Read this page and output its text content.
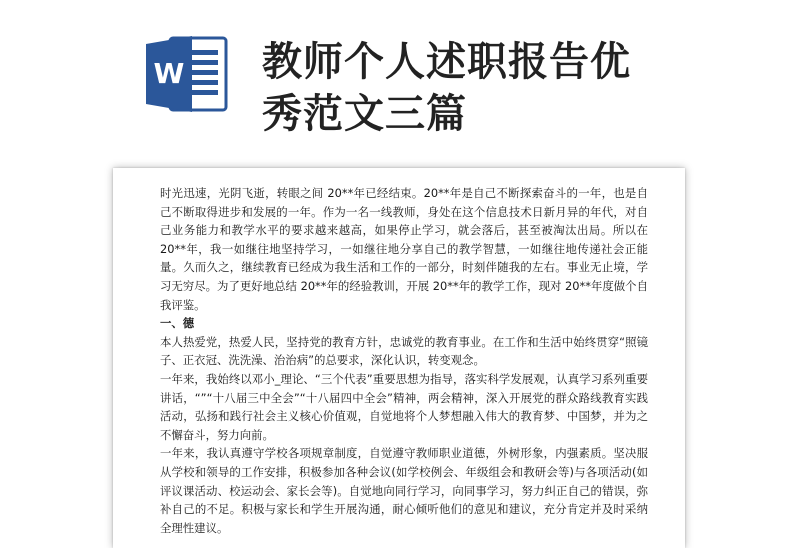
W 教师个人述职报告优
秀范文三篇

时光迅速，光阴飞逝，转眼之间 20**年已经结束。20**年是自己不断探索奋斗的一年，也是自己不断取得进步和发展的一年。作为一名一线教师，身处在这个信息技术日新月异的年代，对自己业务能力和教学水平的要求越来越高，如果停止学习，就会落后，甚至被淘汰出局。所以在 20**年，我一如继往地坚持学习，一如继往地分享自己的教学智慧，一如继往地传递社会正能量。久而久之，继续教育已经成为我生活和工作的一部分，时刻伴随我的左右。事业无止境，学习无穷尽。为了更好地总结 20**年的经验教训，开展 20**年的教学工作，现对 20**年度做个自我评鉴。

一、德

本人热爱党，热爱人民，坚持党的教育方针，忠诚党的教育事业。在工作和生活中始终贯穿“照镜子、正衣冠、洗洗澡、治治病”的总要求，深化认识，转变观念。

一年来，我始终以邓小_理论、“三个代表”重要思想为指导，落实科学发展观，认真学习系列重要讲话，“”“十八届三中全会”“十八届四中全会”精神，两会精神，深入开展党的群众路线教育实践活动，弘扬和践行社会主义核心价值观，自觉地将个人梦想融入伟大的教育梦、中国梦，并为之不懈奋斗，努力向前。

一年来，我认真遵守学校各项规章制度，自觉遵守教师职业道德，外树形象，内强素质。坚决服从学校和领导的工作安排，积极参加各种会议(如学校例会、年级组会和教研会等)与各项活动(如评议课活动、校运动会、家长会等)。自觉地向同行学习，向同事学习，努力纠正自己的错误，弥补自己的不足。积极与家长和学生开展沟通，耐心倾听他们的意见和建议，充分肯定并及时采纳全理性建议。
